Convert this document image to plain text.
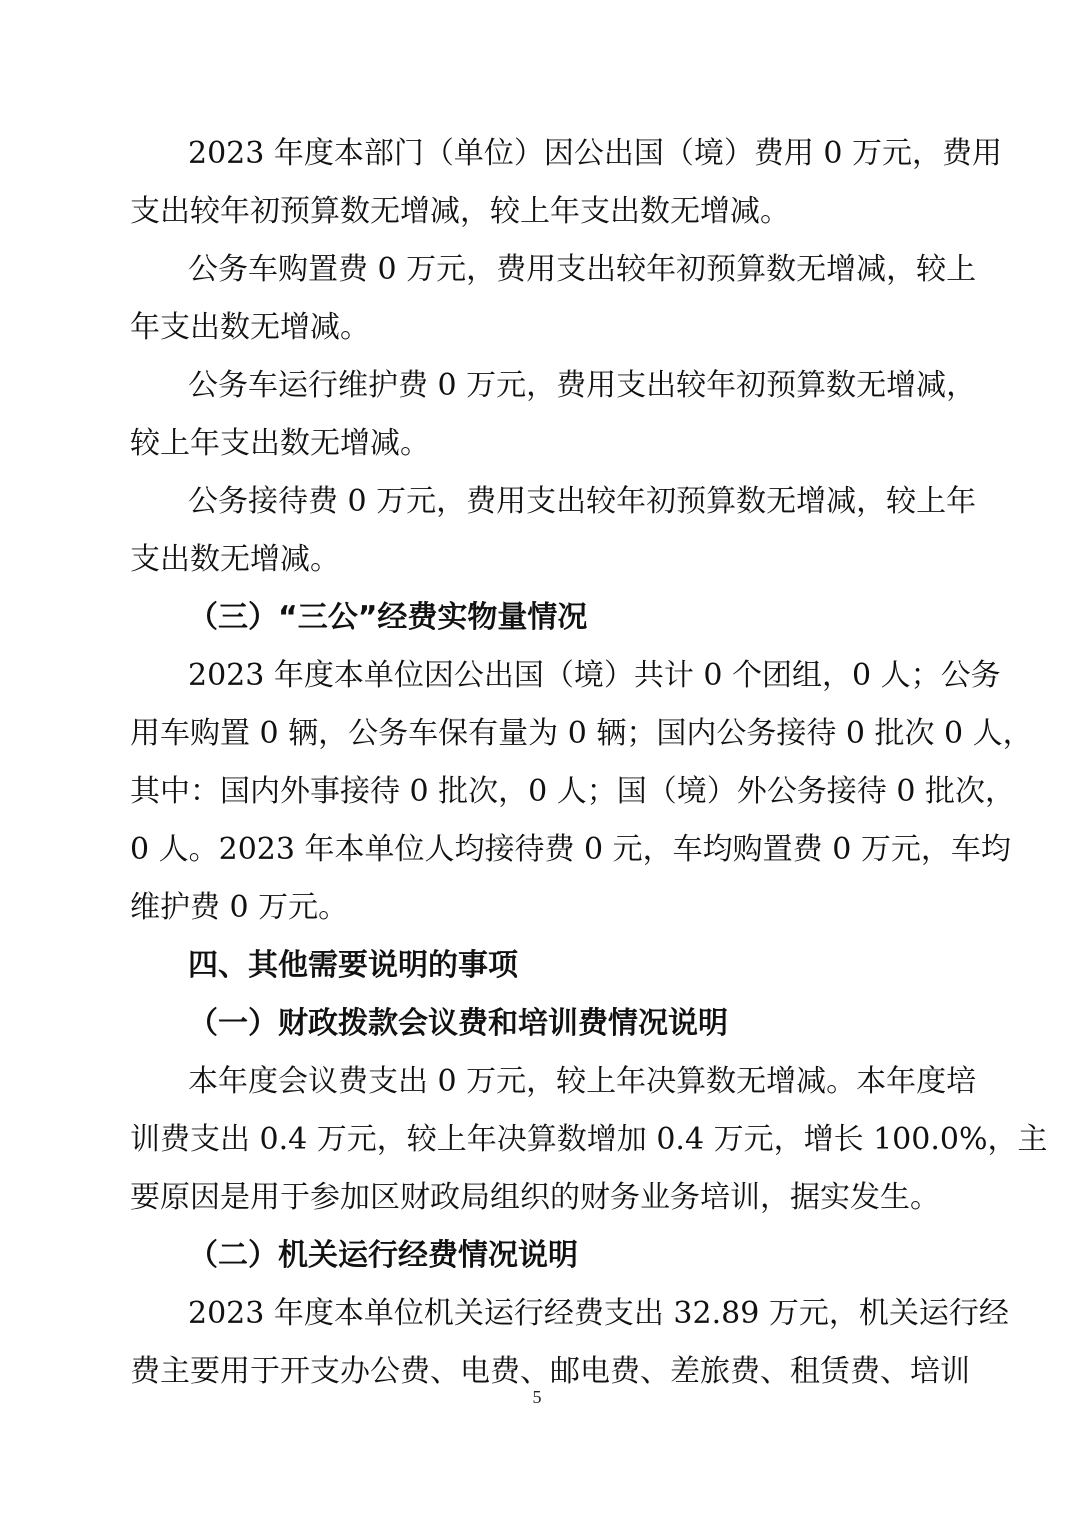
2023 年度本部门（单位）因公出国（境）费用 0 万元，费用
支出较年初预算数无增减，较上年支出数无增减。
公务车购置费 0 万元，费用支出较年初预算数无增减，较上
年支出数无增减。
公务车运行维护费 0 万元，费用支出较年初预算数无增减，
较上年支出数无增减。
公务接待费 0 万元，费用支出较年初预算数无增减，较上年
支出数无增减。
（三）“三公”经费实物量情况
2023 年度本单位因公出国（境）共计 0 个团组，0 人；公务
用车购置 0 辆，公务车保有量为 0 辆；国内公务接待 0 批次 0 人，
其中：国内外事接待 0 批次，0 人；国（境）外公务接待 0 批次，
0 人。2023 年本单位人均接待费 0 元，车均购置费 0 万元，车均
维护费 0 万元。
四、其他需要说明的事项
（一）财政拨款会议费和培训费情况说明
本年度会议费支出 0 万元，较上年决算数无增减。本年度培
训费支出 0.4 万元，较上年决算数增加 0.4 万元，增长 100.0%，主
要原因是用于参加区财政局组织的财务业务培训，据实发生。
（二）机关运行经费情况说明
2023 年度本单位机关运行经费支出 32.89 万元，机关运行经
费主要用于开支办公费、电费、邮电费、差旅费、租赁费、培训
5
